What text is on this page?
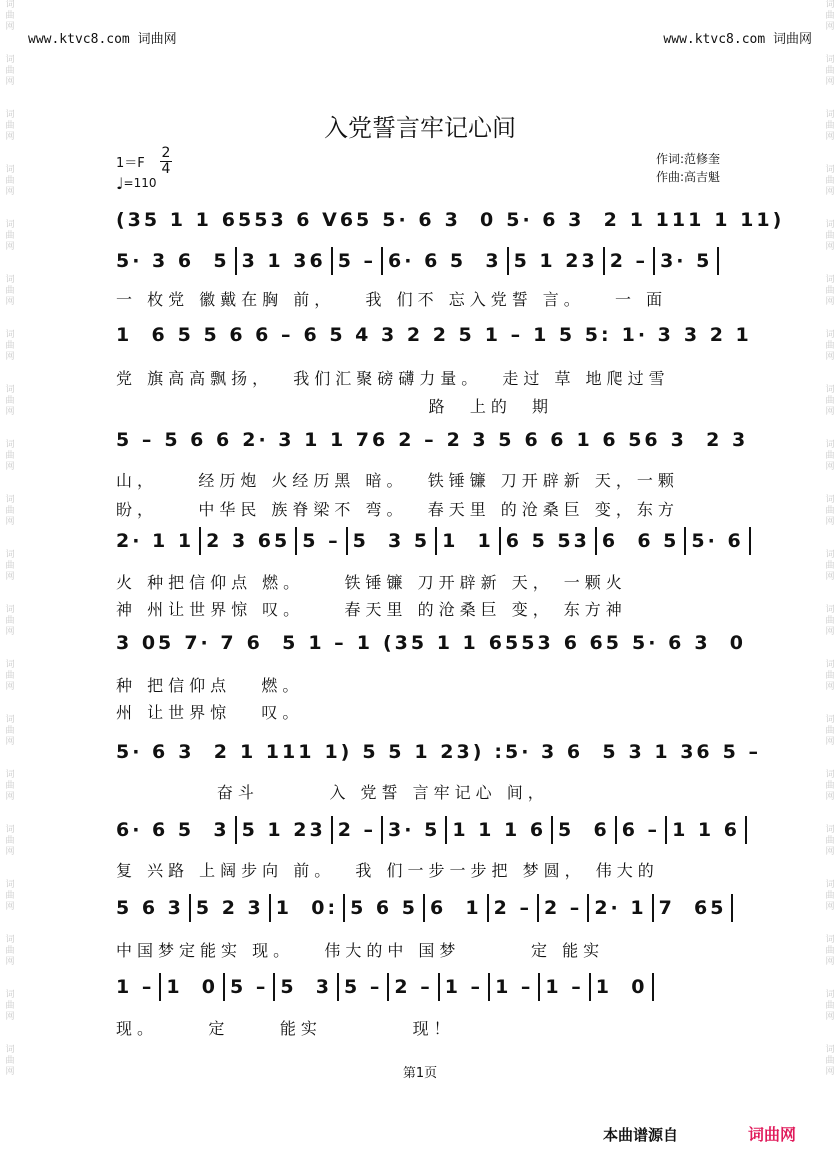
词
曲
网
词
曲
网
词
曲
网
词
曲
网
词
曲
网
词
曲
网
词
曲
网
词
曲
网
词
曲
网
词
曲
网
词
曲
网
词
曲
网
词
曲
网
词
曲
网
词
曲
网
词
曲
网
词
曲
网
词
曲
网
词
曲
网
词
曲
网
词
曲
网
词
曲
网
词
曲
网
词
曲
网
词
曲
网
词
曲
网
词
曲
网
词
曲
网
词
曲
网
词
曲
网
词
曲
网
词
曲
网
词
曲
网
词
曲
网
词
曲
网
词
曲
网
词
曲
网
词
曲
网
词
曲
网
词
曲
网
www.ktvc8.com 词曲网	www.ktvc8.com 词曲网
入党誓言牢记心间
$1=F \frac{2}{4}$
♩=110
作词:范修奎
作曲:高吉魁
(35 1 1 6553 6 V65 5· 6 3  0 5· 6 3  2 1 111 1 11)
5· 3 6  5 3 1 36 5 – 6· 6 5  3 5 1 23 2 – 3· 5
一 枚党 徽戴在胸 前，   我 们不 忘入党誓 言。   一 面
1  6 5 5 6 6 – 6 5 4 3 2 2 5 1 – 1 5 5: 1· 3 3 2 1
党 旗高高飘扬，  我们汇聚磅礴力量。  走过 草 地爬过雪
路  上的  期
5 – 5 6 6 2· 3 1 1 76 2 – 2 3 5 6 6 1 6 56 3  2 3
山，    经历炮 火经历黑 暗。  铁锤镰 刀开辟新 天，一颗
盼，    中华民 族脊梁不 弯。  春天里 的沧桑巨 变，东方
2· 1 1 2 3 65 5 – 5  3 5 1  1 6 5 53 6  6 5 5· 6
火 种把信仰点 燃。    铁锤镰 刀开辟新 天， 一颗火
神 州让世界惊 叹。    春天里 的沧桑巨 变， 东方神
3 05 7· 7 6  5 1 – 1 (35 1 1 6553 6 65 5· 6 3  0
种 把信仰点   燃。
州 让世界惊   叹。
5· 6 3  2 1 111 1) 5 5 1 23) :5· 3 6  5 3 1 36 5 –
奋斗       入 党誓 言牢记心 间，
6· 6 5  3 5 1 23 2 – 3· 5 1 1 1 6 5  6 6 – 1 1 6
复 兴路 上阔步向 前。  我 们一步一步把 梦圆， 伟大的
5 6 3 5 2 3 1  0: 5 6 5 6  1 2 – 2 – 2· 1 7  65
中国梦定能实 现。   伟大的中 国梦       定 能实
1 – 1  0 5 – 5  3 5 – 2 – 1 – 1 – 1 – 1  0
现。     定     能实         现！
第1页
本曲谱源自	词曲网
